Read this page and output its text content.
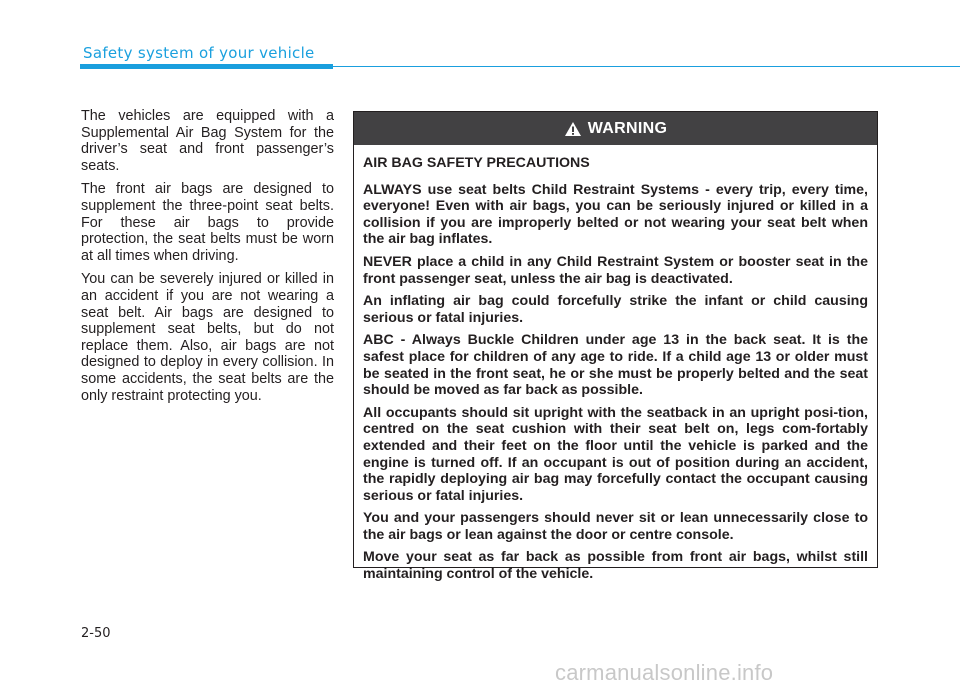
Safety system of your vehicle

The vehicles are equipped with a Supplemental Air Bag System for the driver’s seat and front passenger’s seats.

The front air bags are designed to supplement the three-point seat belts. For these air bags to provide protection, the seat belts must be worn at all times when driving.

You can be severely injured or killed in an accident if you are not wearing a seat belt. Air bags are designed to supplement seat belts, but do not replace them. Also, air bags are not designed to deploy in every collision. In some accidents, the seat belts are the only restraint protecting you.

WARNING

AIR BAG SAFETY PRECAUTIONS

ALWAYS use seat belts Child Restraint Systems - every trip, every time, everyone! Even with air bags, you can be seriously injured or killed in a collision if you are improperly belted or not wearing your seat belt when the air bag inflates.

NEVER place a child in any Child Restraint System or booster seat in the front passenger seat, unless the air bag is deactivated.

An inflating air bag could forcefully strike the infant or child causing serious or fatal injuries.

ABC - Always Buckle Children under age 13 in the back seat. It is the safest place for children of any age to ride. If a child age 13 or older must be seated in the front seat, he or she must be properly belted and the seat should be moved as far back as possible.

All occupants should sit upright with the seatback in an upright posi-tion, centred on the seat cushion with their seat belt on, legs com-fortably extended and their feet on the floor until the vehicle is parked and the engine is turned off. If an occupant is out of position during an accident, the rapidly deploying air bag may forcefully contact the occupant causing serious or fatal injuries.

You and your passengers should never sit or lean unnecessarily close to the air bags or lean against the door or centre console.

Move your seat as far back as possible from front air bags, whilst still maintaining control of the vehicle.

2-50
carmanualsonline.info
